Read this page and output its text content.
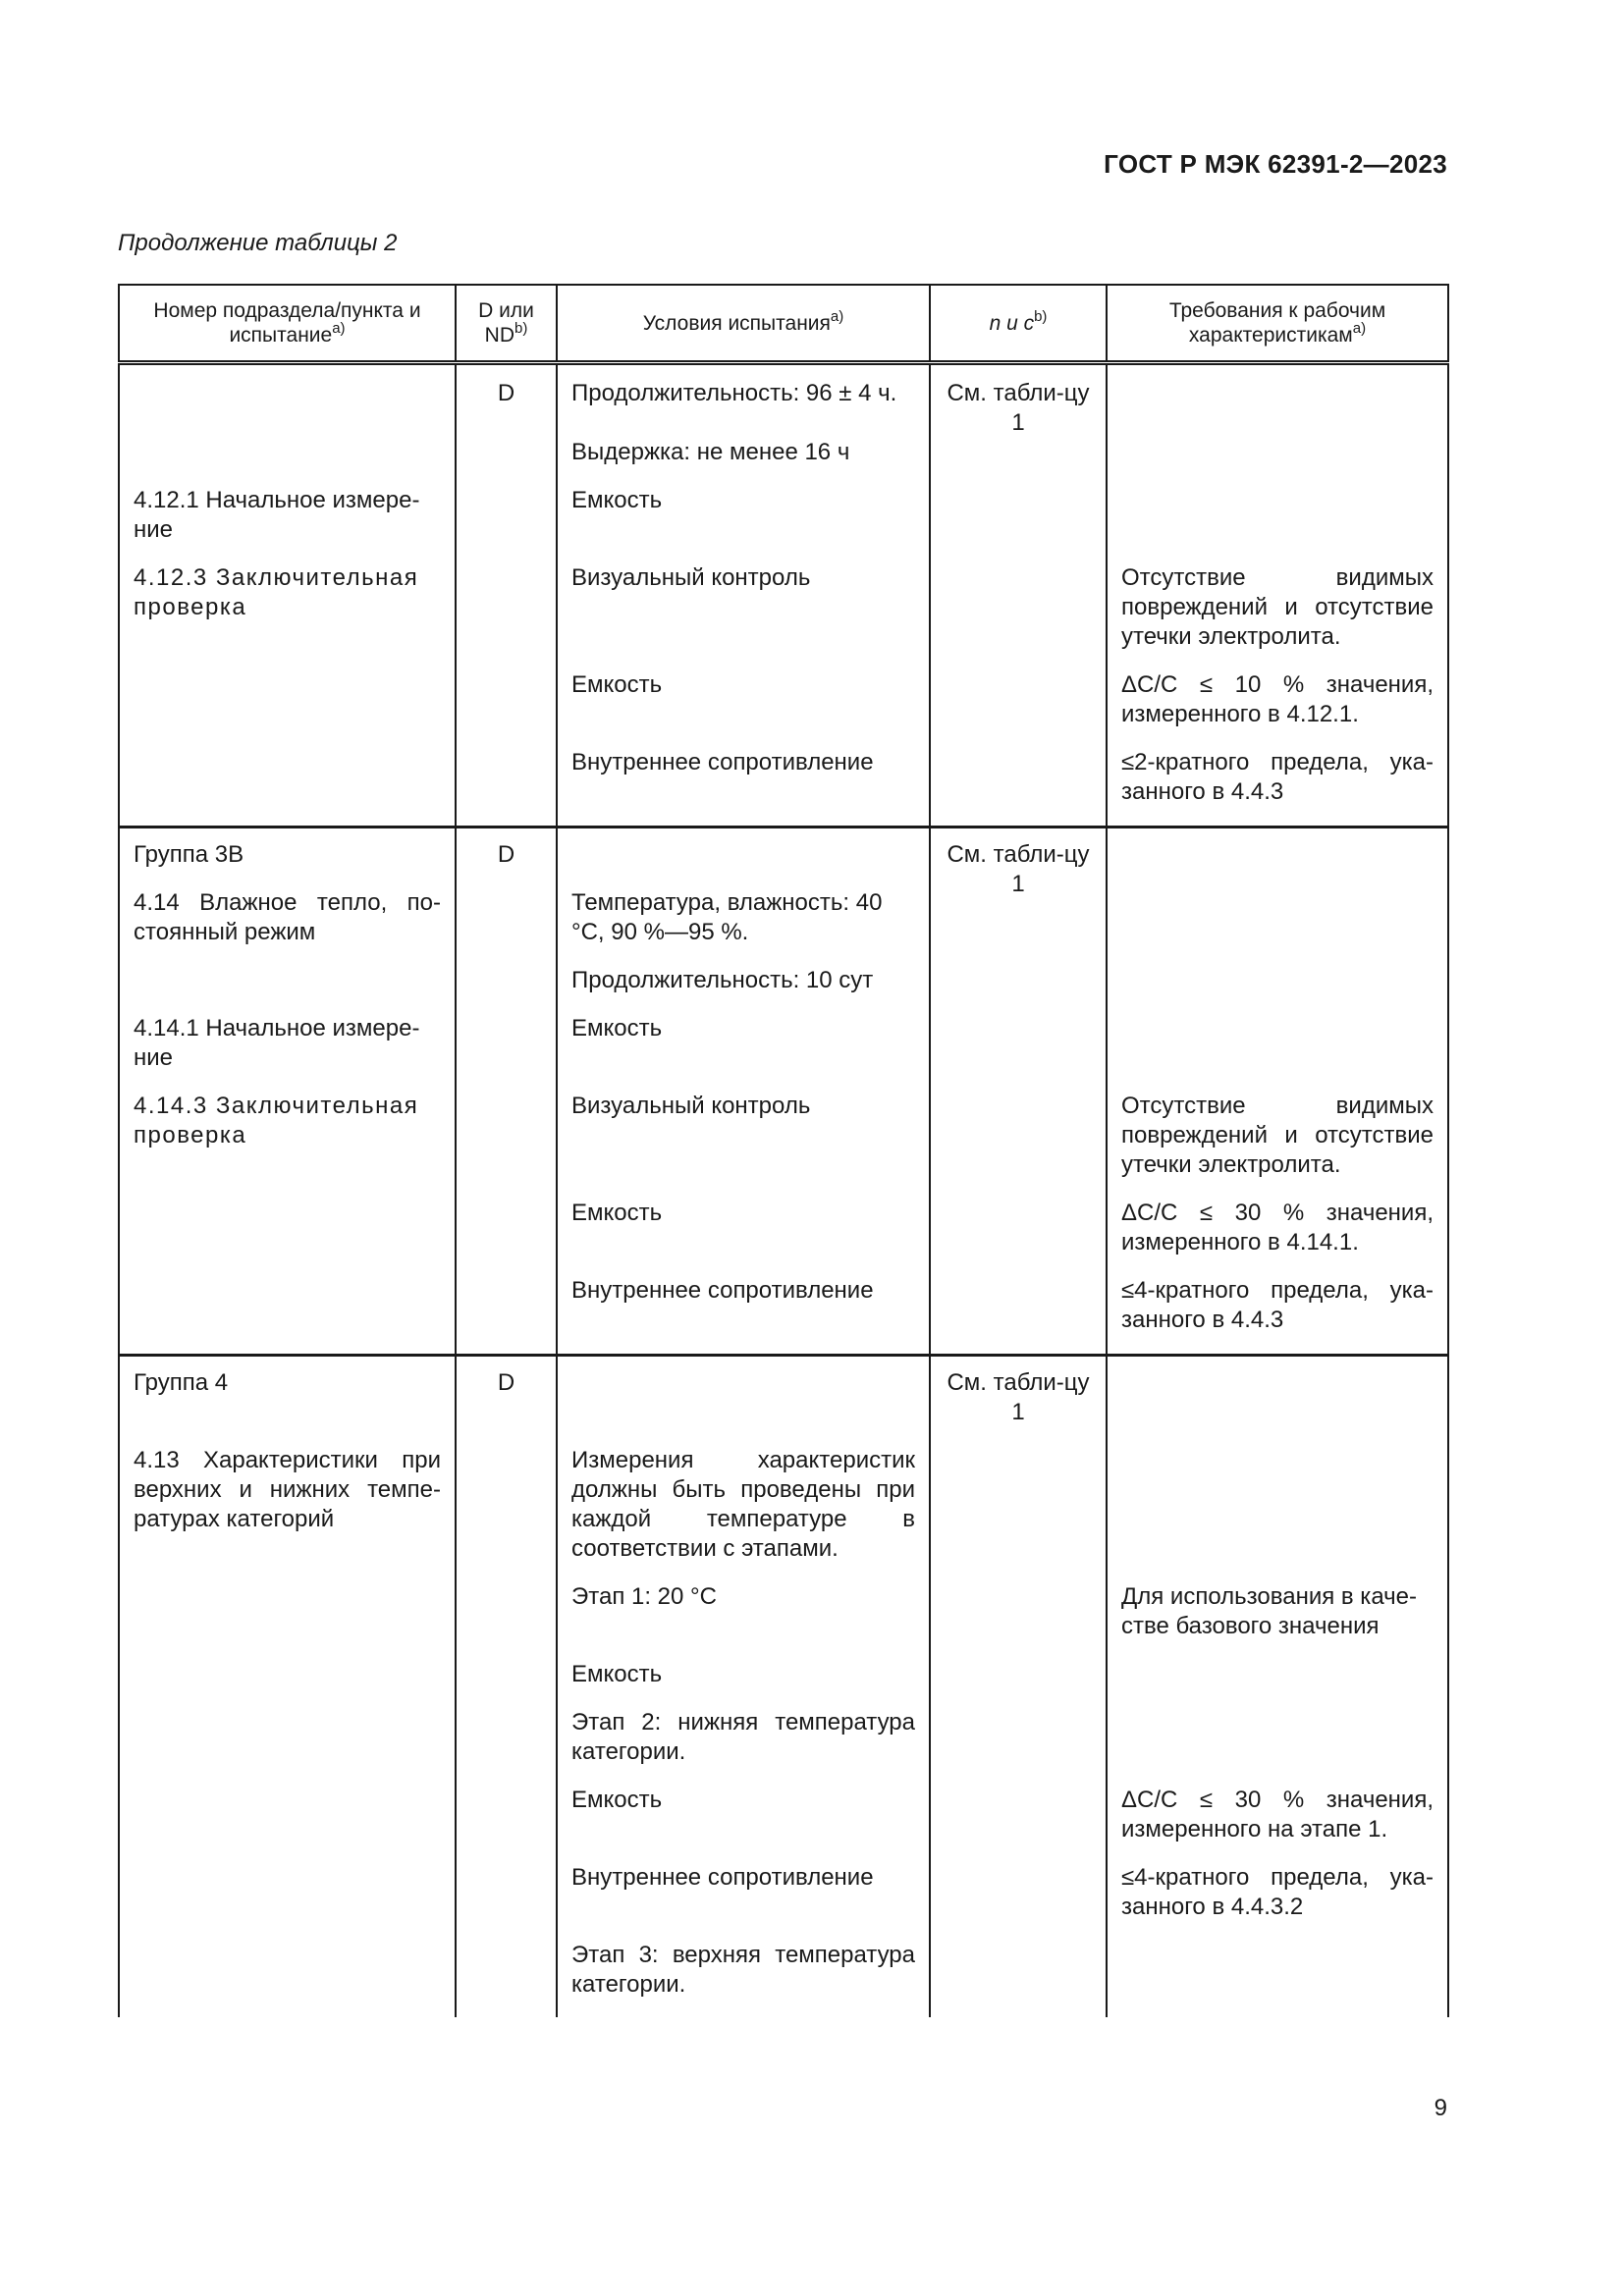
ГОСТ Р МЭК 62391-2—2023
Продолжение таблицы 2
Номер подраздела/пункта и испытание$^{a)}$	D или ND$^{b)}$	Условия испытания$^{a)}$	n и $c^{b)}$	Требования к рабочим характеристикам$^{a)}$
	D	Продолжительность: 96 ± 4 ч.	См. табли-цу 1	
		Выдержка: не менее 16 ч		
4.12.1 Начальное измере-ние		Емкость		
4.12.3 Заключительная проверка		Визуальный контроль		Отсутствие видимых повреждений и отсутствие утечки электролита.
		Емкость		ΔC/C ≤ 10 % значения, измеренного в 4.12.1.
		Внутреннее сопротивление		≤2-кратного предела, ука-занного в 4.4.3
Группа 3B	D		См. табли-цу 1	
4.14 Влажное тепло, по-стоянный режим		Температура, влажность: 40 °C, 90 %—95 %.		
		Продолжительность: 10 сут		
4.14.1 Начальное измере-ние		Емкость		
4.14.3 Заключительная проверка		Визуальный контроль		Отсутствие видимых повреждений и отсутствие утечки электролита.
		Емкость		ΔC/C ≤ 30 % значения, измеренного в 4.14.1.
		Внутреннее сопротивление		≤4-кратного предела, ука-занного в 4.4.3
Группа 4	D		См. табли-цу 1	
4.13 Характеристики при верхних и нижних темпе-ратурах категорий		Измерения характеристик должны быть проведены при каждой температуре в соответствии с этапами.		
		Этап 1: 20 °C		Для использования в каче-стве базового значения
		Емкость		
		Этап 2: нижняя температура категории.		
		Емкость		ΔC/C ≤ 30 % значения, измеренного на этапе 1.
		Внутреннее сопротивление		≤4-кратного предела, ука-занного в 4.4.3.2
		Этап 3: верхняя температура категории.		

9
